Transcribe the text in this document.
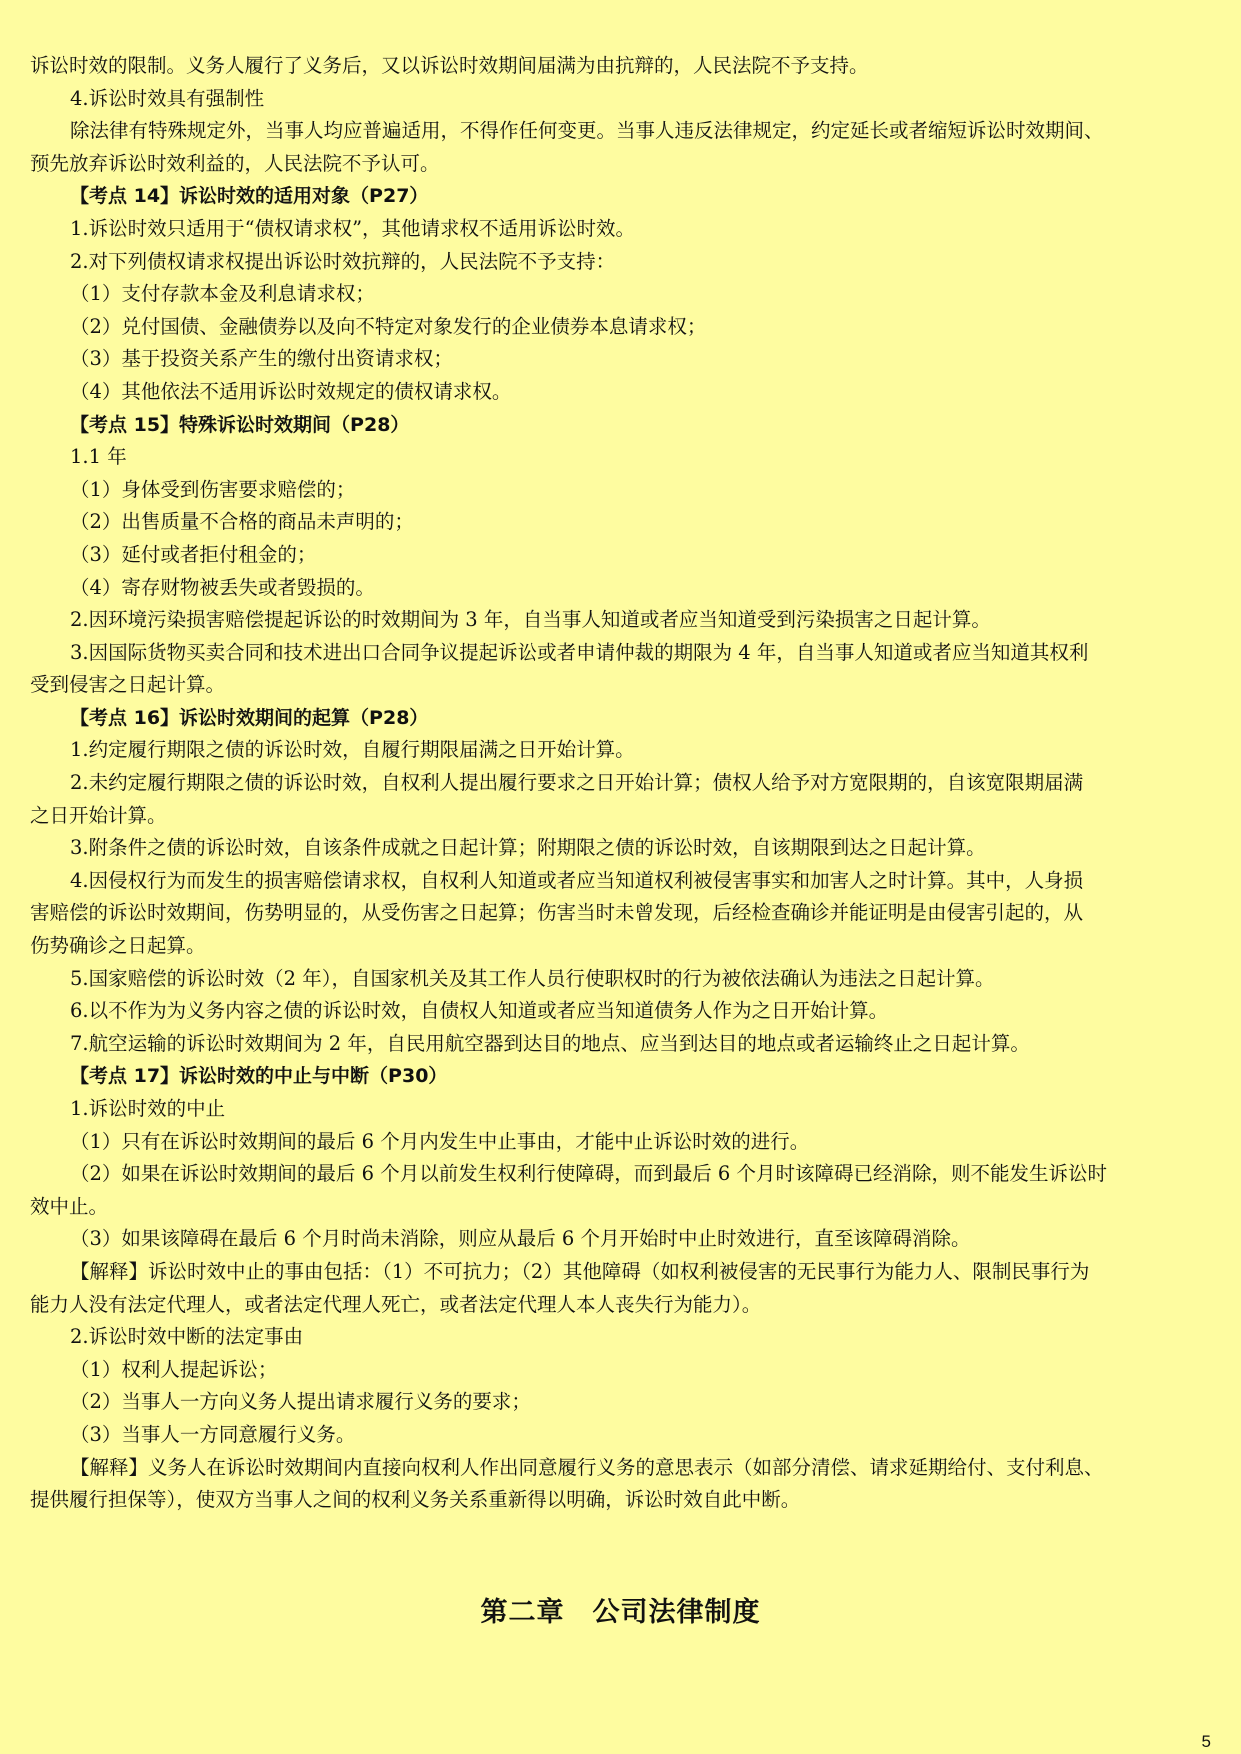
诉讼时效的限制。义务人履行了义务后，又以诉讼时效期间届满为由抗辩的，人民法院不予支持。
4.诉讼时效具有强制性
除法律有特殊规定外，当事人均应普遍适用，不得作任何变更。当事人违反法律规定，约定延长或者缩短诉讼时效期间、
预先放弃诉讼时效利益的，人民法院不予认可。
【考点 14】诉讼时效的适用对象（P27）
1.诉讼时效只适用于“债权请求权”，其他请求权不适用诉讼时效。
2.对下列债权请求权提出诉讼时效抗辩的，人民法院不予支持：
（1）支付存款本金及利息请求权；
（2）兑付国债、金融债券以及向不特定对象发行的企业债券本息请求权；
（3）基于投资关系产生的缴付出资请求权；
（4）其他依法不适用诉讼时效规定的债权请求权。
【考点 15】特殊诉讼时效期间（P28）
1.1 年
（1）身体受到伤害要求赔偿的；
（2）出售质量不合格的商品未声明的；
（3）延付或者拒付租金的；
（4）寄存财物被丢失或者毁损的。
2.因环境污染损害赔偿提起诉讼的时效期间为 3 年，自当事人知道或者应当知道受到污染损害之日起计算。
3.因国际货物买卖合同和技术进出口合同争议提起诉讼或者申请仲裁的期限为 4 年，自当事人知道或者应当知道其权利
受到侵害之日起计算。
【考点 16】诉讼时效期间的起算（P28）
1.约定履行期限之债的诉讼时效，自履行期限届满之日开始计算。
2.未约定履行期限之债的诉讼时效，自权利人提出履行要求之日开始计算；债权人给予对方宽限期的，自该宽限期届满
之日开始计算。
3.附条件之债的诉讼时效，自该条件成就之日起计算；附期限之债的诉讼时效，自该期限到达之日起计算。
4.因侵权行为而发生的损害赔偿请求权，自权利人知道或者应当知道权利被侵害事实和加害人之时计算。其中，人身损
害赔偿的诉讼时效期间，伤势明显的，从受伤害之日起算；伤害当时未曾发现，后经检查确诊并能证明是由侵害引起的，从
伤势确诊之日起算。
5.国家赔偿的诉讼时效（2 年），自国家机关及其工作人员行使职权时的行为被依法确认为违法之日起计算。
6.以不作为为义务内容之债的诉讼时效，自债权人知道或者应当知道债务人作为之日开始计算。
7.航空运输的诉讼时效期间为 2 年，自民用航空器到达目的地点、应当到达目的地点或者运输终止之日起计算。
【考点 17】诉讼时效的中止与中断（P30）
1.诉讼时效的中止
（1）只有在诉讼时效期间的最后 6 个月内发生中止事由，才能中止诉讼时效的进行。
（2）如果在诉讼时效期间的最后 6 个月以前发生权利行使障碍，而到最后 6 个月时该障碍已经消除，则不能发生诉讼时
效中止。
（3）如果该障碍在最后 6 个月时尚未消除，则应从最后 6 个月开始时中止时效进行，直至该障碍消除。
【解释】诉讼时效中止的事由包括：（1）不可抗力；（2）其他障碍（如权利被侵害的无民事行为能力人、限制民事行为
能力人没有法定代理人，或者法定代理人死亡，或者法定代理人本人丧失行为能力）。
2.诉讼时效中断的法定事由
（1）权利人提起诉讼；
（2）当事人一方向义务人提出请求履行义务的要求；
（3）当事人一方同意履行义务。
【解释】义务人在诉讼时效期间内直接向权利人作出同意履行义务的意思表示（如部分清偿、请求延期给付、支付利息、
提供履行担保等），使双方当事人之间的权利义务关系重新得以明确，诉讼时效自此中断。
第二章　公司法律制度
5
